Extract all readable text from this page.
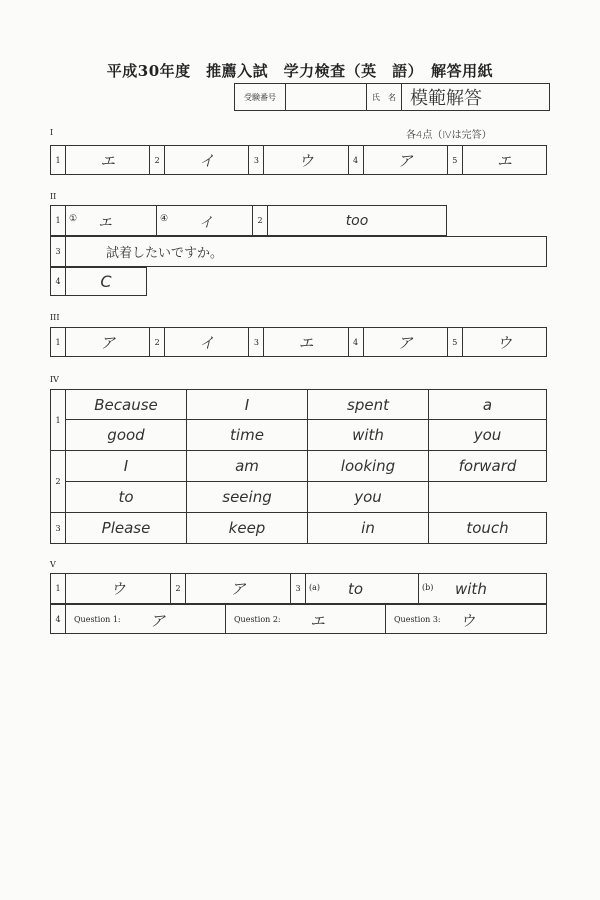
平成30年度　推薦入試　学力検査（英　語）　解答用紙
受験番号		氏　名	模範解答
I	各4点（Ⅳは完答）
1	エ	2	イ	3	ウ	4	ア	5	エ
II
1	① エ	④ イ	2	too
3	試着したいですか。
4	C
III
1	ア	2	イ	3	エ	4	ア	5	ウ
IV
1	Because	I	spent	a
	good	time	with	you
2	I	am	looking	forward
	to	seeing	you	
3	Please	keep	in	touch
V
1	ウ	2	ア	3	(a) to	(b) with
4	Question 1: ア	Question 2: エ	Question 3: ウ
